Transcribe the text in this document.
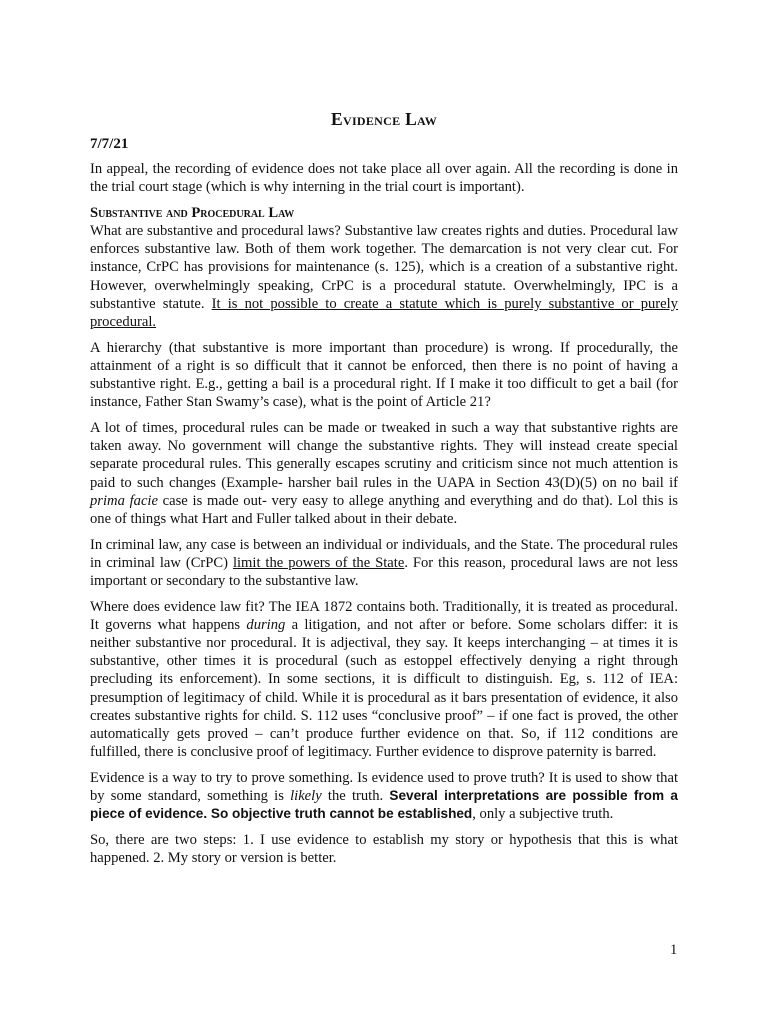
Evidence Law
7/7/21

In appeal, the recording of evidence does not take place all over again. All the recording is done in the trial court stage (which is why interning in the trial court is important).

Substantive and Procedural Law

What are substantive and procedural laws? Substantive law creates rights and duties. Procedural law enforces substantive law. Both of them work together. The demarcation is not very clear cut. For instance, CrPC has provisions for maintenance (s. 125), which is a creation of a substantive right. However, overwhelmingly speaking, CrPC is a procedural statute. Overwhelmingly, IPC is a substantive statute. It is not possible to create a statute which is purely substantive or purely procedural.

A hierarchy (that substantive is more important than procedure) is wrong. If procedurally, the attainment of a right is so difficult that it cannot be enforced, then there is no point of having a substantive right. E.g., getting a bail is a procedural right. If I make it too difficult to get a bail (for instance, Father Stan Swamy’s case), what is the point of Article 21?

A lot of times, procedural rules can be made or tweaked in such a way that substantive rights are taken away. No government will change the substantive rights. They will instead create special separate procedural rules. This generally escapes scrutiny and criticism since not much attention is paid to such changes (Example- harsher bail rules in the UAPA in Section 43(D)(5) on no bail if prima facie case is made out- very easy to allege anything and everything and do that). Lol this is one of things what Hart and Fuller talked about in their debate.

In criminal law, any case is between an individual or individuals, and the State. The procedural rules in criminal law (CrPC) limit the powers of the State. For this reason, procedural laws are not less important or secondary to the substantive law.

Where does evidence law fit? The IEA 1872 contains both. Traditionally, it is treated as procedural. It governs what happens during a litigation, and not after or before. Some scholars differ: it is neither substantive nor procedural. It is adjectival, they say. It keeps interchanging – at times it is substantive, other times it is procedural (such as estoppel effectively denying a right through precluding its enforcement). In some sections, it is difficult to distinguish. Eg, s. 112 of IEA: presumption of legitimacy of child. While it is procedural as it bars presentation of evidence, it also creates substantive rights for child. S. 112 uses “conclusive proof” – if one fact is proved, the other automatically gets proved – can’t produce further evidence on that. So, if 112 conditions are fulfilled, there is conclusive proof of legitimacy. Further evidence to disprove paternity is barred.

Evidence is a way to try to prove something. Is evidence used to prove truth? It is used to show that by some standard, something is likely the truth. Several interpretations are possible from a piece of evidence. So objective truth cannot be established, only a subjective truth.

So, there are two steps: 1. I use evidence to establish my story or hypothesis that this is what happened. 2. My story or version is better.

1
